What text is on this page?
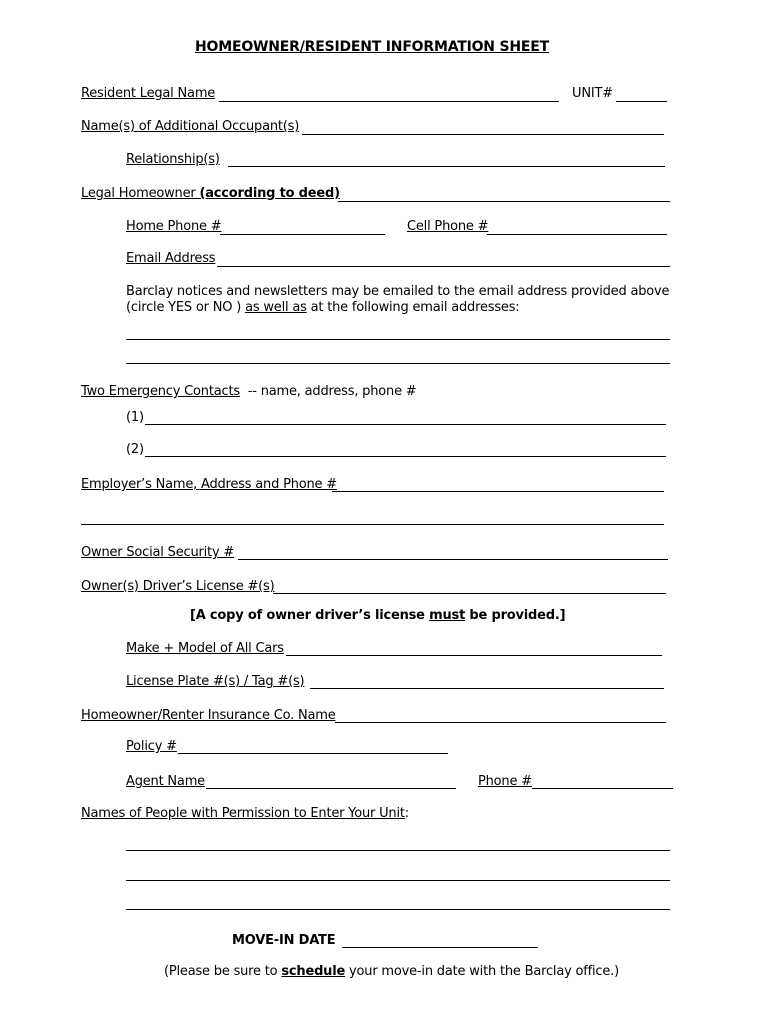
HOMEOWNER/RESIDENT INFORMATION SHEET
Resident Legal Name	UNIT#
Name(s) of Additional Occupant(s)
Relationship(s)
Legal Homeowner (according to deed)
Home Phone #	Cell Phone #
Email Address
Barclay notices and newsletters may be emailed to the email address provided above
(circle YES or NO ) as well as at the following email addresses:
Two Emergency Contacts -- name, address, phone #
(1)
(2)
Employer’s Name, Address and Phone #
Owner Social Security #
Owner(s) Driver’s License #(s)
[A copy of owner driver’s license must be provided.]
Make + Model of All Cars
License Plate #(s) / Tag #(s)
Homeowner/Renter Insurance Co. Name
Policy #
Agent Name	Phone #
Names of People with Permission to Enter Your Unit:
MOVE-IN DATE
(Please be sure to schedule your move-in date with the Barclay office.)
